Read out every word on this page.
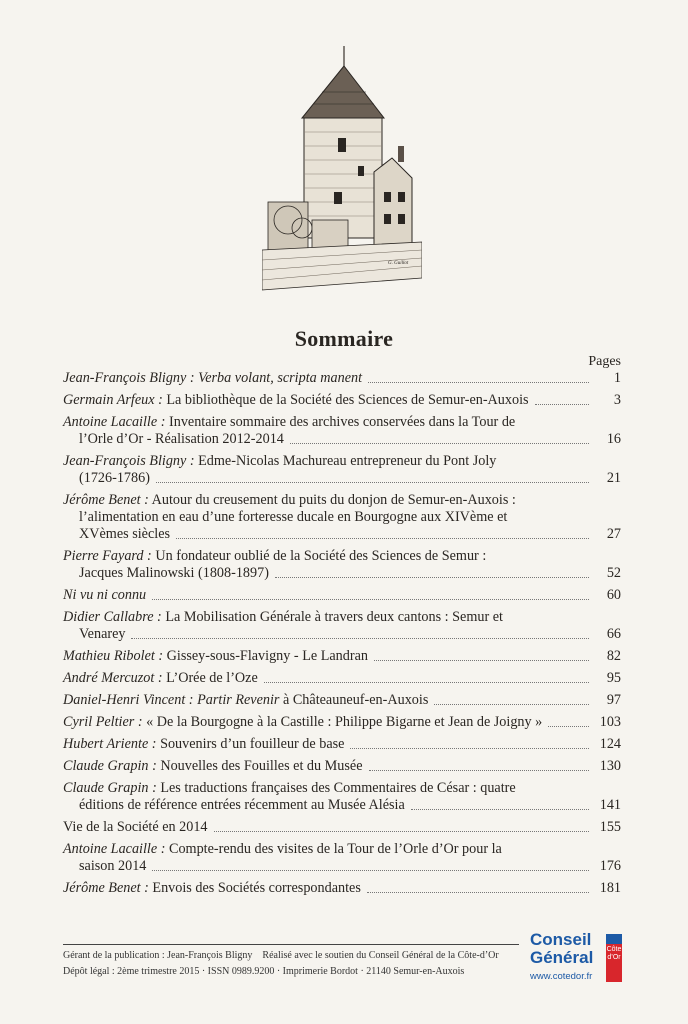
G. Guillot
Sommaire
Pages
Jean-François Bligny : Verba volant, scripta manent	1
Germain Arfeux : La bibliothèque de la Société des Sciences de Semur-en-Auxois	3
Antoine Lacaille : Inventaire sommaire des archives conservées dans la Tour de
l’Orle d’Or - Réalisation 2012-2014	16
Jean-François Bligny : Edme-Nicolas Machureau entrepreneur du Pont Joly
(1726-1786)	21
Jérôme Benet : Autour du creusement du puits du donjon de Semur-en-Auxois :
l’alimentation en eau d’une forteresse ducale en Bourgogne aux XIVème et
XVèmes siècles	27
Pierre Fayard : Un fondateur oublié de la Société des Sciences de Semur :
Jacques Malinowski (1808-1897)	52
Ni vu ni connu	60
Didier Callabre : La Mobilisation Générale à travers deux cantons : Semur et
Venarey	66
Mathieu Ribolet : Gissey-sous-Flavigny - Le Landran	82
André Mercuzot : L’Orée de l’Oze	95
Daniel-Henri Vincent : Partir Revenir à Châteauneuf-en-Auxois	97
Cyril Peltier : « De la Bourgogne à la Castille : Philippe Bigarne et Jean de Joigny »	103
Hubert Ariente : Souvenirs d’un fouilleur de base	124
Claude Grapin : Nouvelles des Fouilles et du Musée	130
Claude Grapin : Les traductions françaises des Commentaires de César : quatre
éditions de référence entrées récemment au Musée Alésia	141
Vie de la Société en 2014	155
Antoine Lacaille : Compte-rendu des visites de la Tour de l’Orle d’Or pour la
saison 2014	176
Jérôme Benet : Envois des Sociétés correspondantes	181
Gérant de la publication : Jean-François Bligny Réalisé avec le soutien du Conseil Général de la Côte-d’Or
Dépôt légal : 2ème trimestre 2015 · ISSN 0989.9200 · Imprimerie Bordot · 21140 Semur-en-Auxois
Conseil
Général
www.cotedor.fr
Côte d’Or
